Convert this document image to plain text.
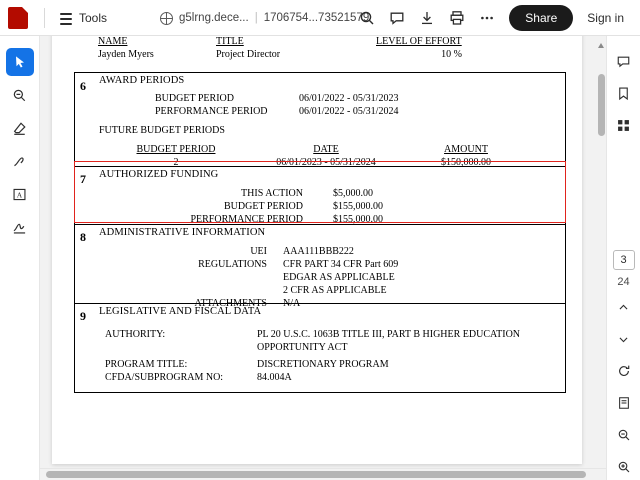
Tools	g5lrng.dece... | 1706754...73521579	Share	Sign in
A
NAME	TITLE	LEVEL OF EFFORT
Jayden Myers	Project Director	10 %
6	AWARD PERIODS
BUDGET PERIOD	06/01/2022 - 05/31/2023
PERFORMANCE PERIOD	06/01/2022 - 05/31/2024
FUTURE BUDGET PERIODS
BUDGET PERIOD	DATE	AMOUNT
2	06/01/2023 - 05/31/2024	$150,000.00
7	AUTHORIZED FUNDING
THIS ACTION	$5,000.00
BUDGET PERIOD	$155,000.00
PERFORMANCE PERIOD	$155,000.00
8	ADMINISTRATIVE INFORMATION
UEI	AAA111BBB222
REGULATIONS	CFR PART 34 CFR Part 609
EDGAR AS APPLICABLE
2 CFR AS APPLICABLE
ATTACHMENTS	N/A
9	LEGISLATIVE AND FISCAL DATA
AUTHORITY:	PL 20 U.S.C. 1063B TITLE III, PART B HIGHER EDUCATION
OPPORTUNITY ACT
PROGRAM TITLE:	DISCRETIONARY PROGRAM
CFDA/SUBPROGRAM NO:	84.004A
3
24
